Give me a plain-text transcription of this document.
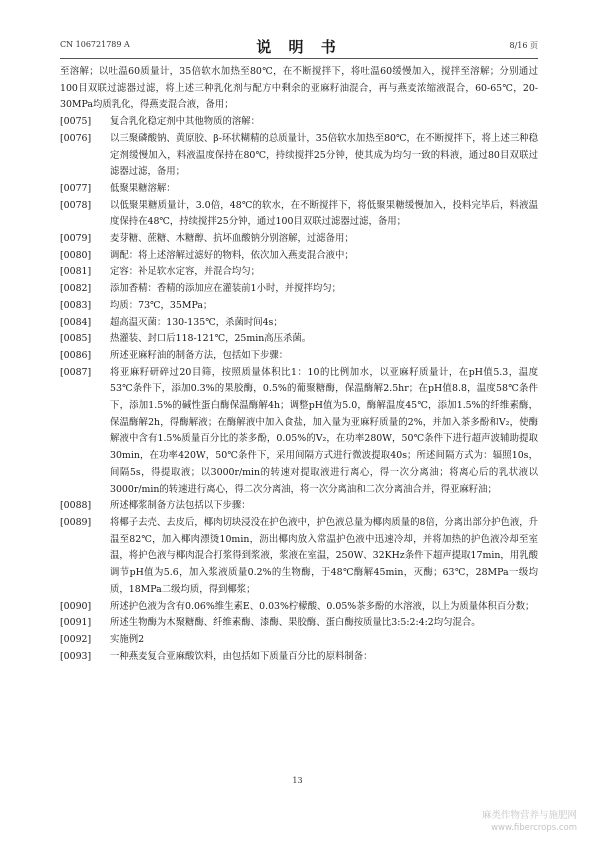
CN 106721789 A	说 明 书	8/16 页
至溶解；以吐温60质量计，35倍软水加热至80℃，在不断搅拌下，将吐温60缓慢加入，搅拌至溶解；分别通过100目双联过滤器过滤，将上述三种乳化剂与配方中剩余的亚麻籽油混合，再与燕麦浓缩液混合，60-65℃，20-30MPa均质乳化，得燕麦混合液，备用；
[0075] 复合乳化稳定剂中其他物质的溶解：
[0076] 以三聚磷酸钠、黄原胶、β-环状糊精的总质量计，35倍软水加热至80℃，在不断搅拌下，将上述三种稳定剂缓慢加入，料液温度保持在80℃，持续搅拌25分钟，使其成为均匀一致的料液，通过80目双联过滤器过滤，备用；
[0077] 低聚果糖溶解：
[0078] 以低聚果糖质量计，3.0倍，48℃的软水，在不断搅拌下，将低聚果糖缓慢加入，投料完毕后，料液温度保持在48℃，持续搅拌25分钟，通过100目双联过滤器过滤，备用；
[0079] 麦芽糖、蔗糖、木糖醇、抗坏血酸钠分别溶解，过滤备用；
[0080] 调配：将上述溶解过滤好的物料，依次加入燕麦混合液中；
[0081] 定容：补足软水定容，并混合均匀；
[0082] 添加香精：香精的添加应在灌装前1小时，并搅拌均匀；
[0083] 均质：73℃，35MPa；
[0084] 超高温灭菌：130-135℃，杀菌时间4s；
[0085] 热灌装、封口后118-121℃，25min高压杀菌。
[0086] 所述亚麻籽油的制备方法，包括如下步骤：
[0087] 将亚麻籽研碎过20目筛，按照质量体积比1：10的比例加水，以亚麻籽质量计，在pH值5.3，温度53℃条件下，添加0.3%的果胶酶，0.5%的葡聚糖酶，保温酶解2.5hr；在pH值8.8，温度58℃条件下，添加1.5%的碱性蛋白酶保温酶解4h；调整pH值为5.0，酶解温度45℃，添加1.5%的纤维素酶，保温酶解2h，得酶解液；在酶解液中加入食盐，加入量为亚麻籽质量的2%，并加入茶多酚和V₂，使酶解液中含有1.5%质量百分比的茶多酚，0.05%的V₂，在功率280W，50℃条件下进行超声波辅助提取30min，在功率420W，50℃条件下，采用间隔方式进行微波提取40s；所述间隔方式为：辐照10s，间隔5s，得提取液；以3000r/min的转速对提取液进行离心，得一次分离油；将离心后的乳状液以3000r/min的转速进行离心，得二次分离油，将一次分离油和二次分离油合并，得亚麻籽油；
[0088] 所述椰浆制备方法包括以下步骤：
[0089] 将椰子去壳、去皮后，椰肉切块浸没在护色液中，护色液总量为椰肉质量的8倍，分离出部分护色液，升温至82℃，加入椰肉漂烫10min，沥出椰肉放入常温护色液中迅速冷却，并将加热的护色液冷却至室温，将护色液与椰肉混合打浆得到浆液，浆液在室温，250W、32KHz条件下超声提取17min，用乳酸调节pH值为5.6，加入浆液质量0.2%的生物酶，于48℃酶解45min，灭酶；63℃，28MPa一级均质，18MPa二级均质，得到椰浆；
[0090] 所述护色液为含有0.06%维生素E、0.03%柠檬酸、0.05%茶多酚的水溶液，以上为质量体积百分数；
[0091] 所述生物酶为木聚糖酶、纤维素酶、漆酶、果胶酶、蛋白酶按质量比3:5:2:4:2均匀混合。
[0092] 实施例2
[0093] 一种燕麦复合亚麻酸饮料，由包括如下质量百分比的原料制备：
13
麻类作物营养与施肥网
www.fibercrops.com
